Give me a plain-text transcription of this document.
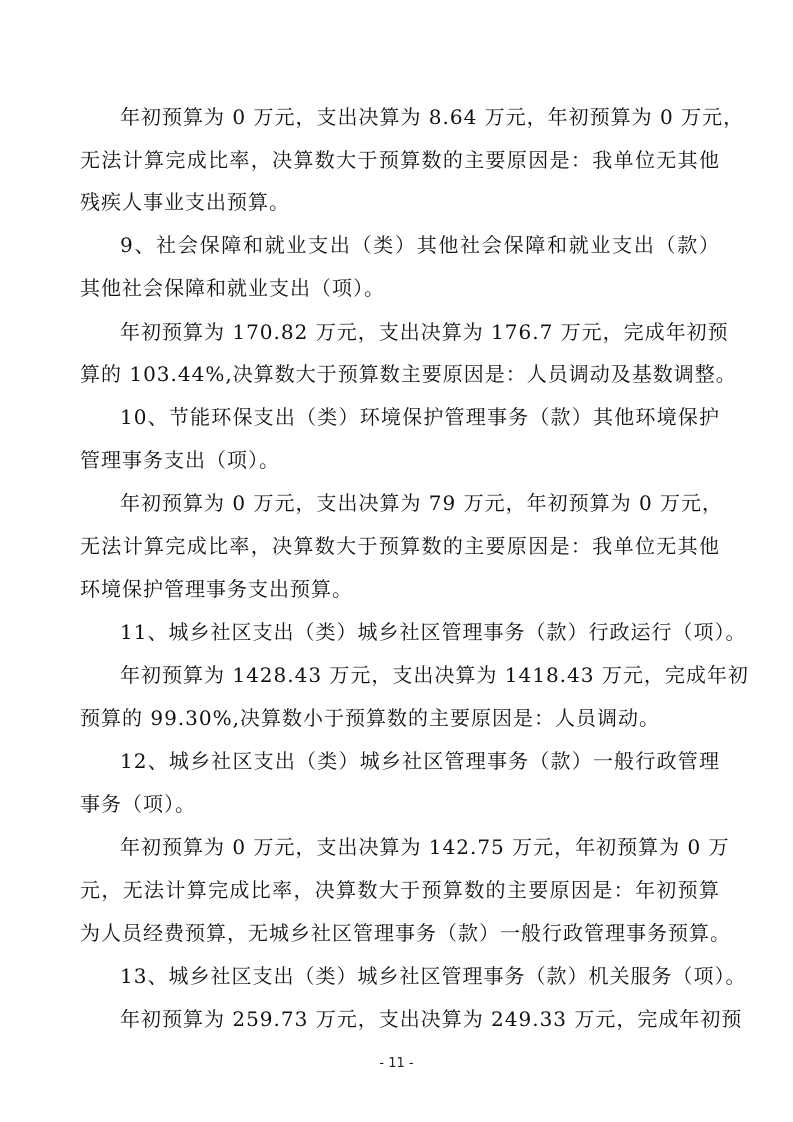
年初预算为 0 万元，支出决算为 8.64 万元，年初预算为 0 万元，
无法计算完成比率，决算数大于预算数的主要原因是：我单位无其他
残疾人事业支出预算。
9、社会保障和就业支出（类）其他社会保障和就业支出（款）
其他社会保障和就业支出（项）。
年初预算为 170.82 万元，支出决算为 176.7 万元，完成年初预
算的 103.44%,决算数大于预算数主要原因是：人员调动及基数调整。
10、节能环保支出（类）环境保护管理事务（款）其他环境保护
管理事务支出（项）。
年初预算为 0 万元，支出决算为 79 万元，年初预算为 0 万元，
无法计算完成比率，决算数大于预算数的主要原因是：我单位无其他
环境保护管理事务支出预算。
11、城乡社区支出（类）城乡社区管理事务（款）行政运行（项）。
年初预算为 1428.43 万元，支出决算为 1418.43 万元，完成年初
预算的 99.30%,决算数小于预算数的主要原因是：人员调动。
12、城乡社区支出（类）城乡社区管理事务（款）一般行政管理
事务（项）。
年初预算为 0 万元，支出决算为 142.75 万元，年初预算为 0 万
元，无法计算完成比率，决算数大于预算数的主要原因是：年初预算
为人员经费预算，无城乡社区管理事务（款）一般行政管理事务预算。
13、城乡社区支出（类）城乡社区管理事务（款）机关服务（项）。
年初预算为 259.73 万元，支出决算为 249.33 万元，完成年初预
- 11 -
